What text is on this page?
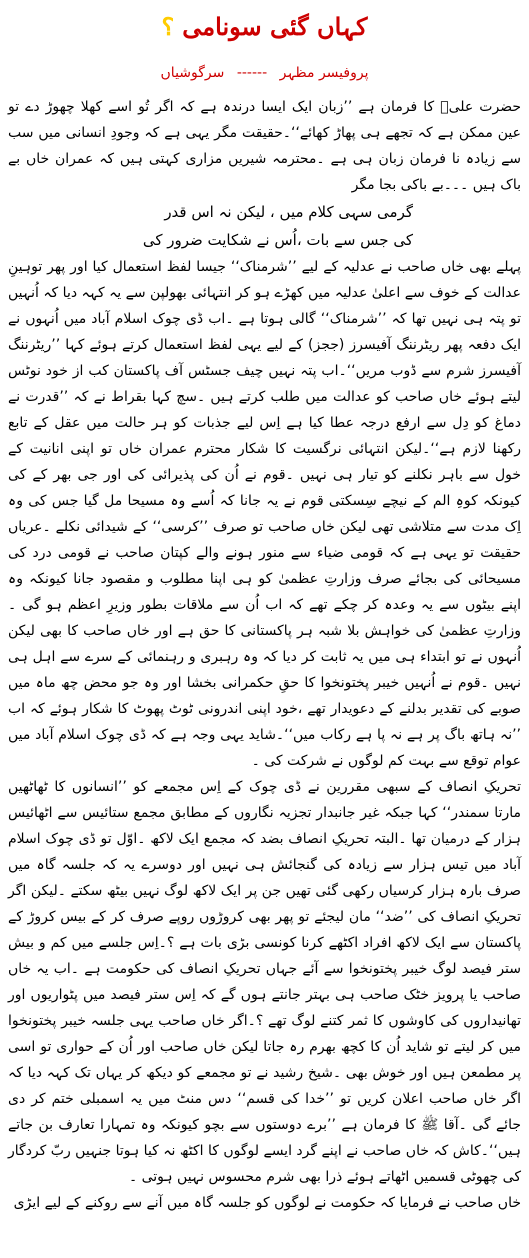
کہاں گئی سونامی؟
پروفیسر مظہر ------ سرگوشیاں

حضرت علیؓ کا فرمان ہے ’’زبان ایک ایسا درندہ ہے کہ اگر تُو اسے کھلا چھوڑ دے تو عین ممکن ہے کہ تجھے ہی پھاڑ کھائے‘‘۔حقیقت مگر یہی ہے کہ وجودِ انسانی میں سب سے زیادہ نا فرمان زبان ہی ہے ۔محترمہ شیریں مزاری کہتی ہیں کہ عمران خاں بے باک ہیں ۔۔۔بے باکی بجا مگر

گرمی سہی کلام میں ، لیکن نہ اس قدر

کی جس سے بات ،اُس نے شکایت ضرور کی

پہلے بھی خاں صاحب نے عدلیہ کے لیے ’’شرمناک‘‘ جیسا لفظ استعمال کیا اور پھر توہینِ عدالت کے خوف سے اعلیٰ عدلیہ میں کھڑے ہو کر انتہائی بھولپن سے یہ کہہ دیا کہ اُنہیں تو پتہ ہی نہیں تھا کہ ’’شرمناک‘‘ گالی ہوتا ہے ۔اب ڈی چوک اسلام آباد میں اُنہوں نے ایک دفعہ پھر ریٹرننگ آفیسرز (ججز) کے لیے یہی لفظ استعمال کرتے ہوئے کہا ’’ریٹرننگ آفیسرز شرم سے ڈوب مریں‘‘۔اب پتہ نہیں چیف جسٹس آف پاکستان کب از خود نوٹس لیتے ہوئے خاں صاحب کو عدالت میں طلب کرتے ہیں ۔سچ کہا بقراط نے کہ ’’قدرت نے دماغ کو دِل سے ارفع درجہ عطا کیا ہے اِس لیے جذبات کو ہر حالت میں عقل کے تابع رکھنا لازم ہے‘‘۔لیکن انتہائی نرگسیت کا شکار محترم عمران خاں تو اپنی انانیت کے خول سے باہر نکلنے کو تیار ہی نہیں ۔قوم نے اُن کی پذیرائی کی اور جی بھر کے کی کیونکہ کوہِ الم کے نیچے سِسکتی قوم نے یہ جانا کہ اُسے وہ مسیحا مل گیا جس کی وہ اِک مدت سے متلاشی تھی لیکن خاں صاحب تو صرف ’’کرسی‘‘ کے شیدائی نکلے ۔عریاں حقیقت تو یہی ہے کہ قومی ضیاء سے منور ہونے والے کپتان صاحب نے قومی درد کی مسیحائی کی بجائے صرف وزارتِ عظمیٰ کو ہی اپنا مطلوب و مقصود جانا کیونکہ وہ اپنے بیٹوں سے یہ وعدہ کر چکے تھے کہ اب اُن سے ملاقات بطور وزیرِ اعظم ہو گی ۔وزارتِ عظمیٰ کی خواہش بلا شبہ ہر پاکستانی کا حق ہے اور خاں صاحب کا بھی لیکن اُنہوں نے تو ابتداء ہی میں یہ ثابت کر دیا کہ وہ رہبری و رہنمائی کے سرے سے اہل ہی نہیں ۔قوم نے اُنہیں خیبر پختونخوا کا حقِ حکمرانی بخشا اور وہ جو محض چھ ماہ میں صوبے کی تقدیر بدلنے کے دعویدار تھے ،خود اپنی اندرونی ٹوٹ پھوٹ کا شکار ہوئے کہ اب ’’نہ ہاتھ باگ پر ہے نہ پا ہے رکاب میں‘‘۔شاید یہی وجہ ہے کہ ڈی چوک اسلام آباد میں عوام توقع سے بہت کم لوگوں نے شرکت کی ۔

تحریکِ انصاف کے سبھی مقررین نے ڈی چوک کے اِس مجمعے کو ’’انسانوں کا ٹھاٹھیں مارتا سمندر‘‘ کہا جبکہ غیر جانبدار تجزیہ نگاروں کے مطابق مجمع ستائیس سے اٹھائیس ہزار کے درمیان تھا ۔البتہ تحریکِ انصاف بضد کہ مجمع ایک لاکھ ۔اوّل تو ڈی چوک اسلام آباد میں تیس ہزار سے زیادہ کی گنجائش ہی نہیں اور دوسرے یہ کہ جلسہ گاہ میں صرف بارہ ہزار کرسیاں رکھی گئی تھیں جن پر ایک لاکھ لوگ نہیں بیٹھ سکتے ۔لیکن اگر تحریکِ انصاف کی ’’ضد‘‘ مان لیجئے تو پھر بھی کروڑوں روپے صرف کر کے بیس کروڑ کے پاکستان سے ایک لاکھ افراد اکٹھے کرنا کونسی بڑی بات ہے ؟۔اِس جلسے میں کم و بیش ستر فیصد لوگ خیبر پختونخوا سے آئے جہاں تحریکِ انصاف کی حکومت ہے ۔اب یہ خاں صاحب یا پرویز خٹک صاحب ہی بہتر جانتے ہوں گے کہ اِس ستر فیصد میں پٹواریوں اور تھانیداروں کی کاوشوں کا ثمر کتنے لوگ تھے ؟۔اگر خاں صاحب یہی جلسہ خیبر پختونخوا میں کر لیتے تو شاید اُن کا کچھ بھرم رہ جاتا لیکن خاں صاحب اور اُن کے حواری تو اسی پر مطمعن ہیں اور خوش بھی ۔شیخ رشید نے تو مجمعے کو دیکھ کر یہاں تک کہہ دیا کہ اگر خاں صاحب اعلان کریں تو ’’خدا کی قسم‘‘ دس منٹ میں یہ اسمبلی ختم کر دی جائے گی ۔آقا ﷺ کا فرمان ہے ’’برے دوستوں سے بچو کیونکہ وہ تمہارا تعارف بن جاتے ہیں‘‘۔کاش کہ خاں صاحب نے اپنے گرد ایسے لوگوں کا اکٹھ نہ کیا ہوتا جنہیں ربّ کردگار کی چھوٹی قسمیں اٹھاتے ہوئے ذرا بھی شرم محسوس نہیں ہوتی ۔

خاں صاحب نے فرمایا کہ حکومت نے لوگوں کو جلسہ گاہ میں آنے سے روکنے کے لیے ایڑی
